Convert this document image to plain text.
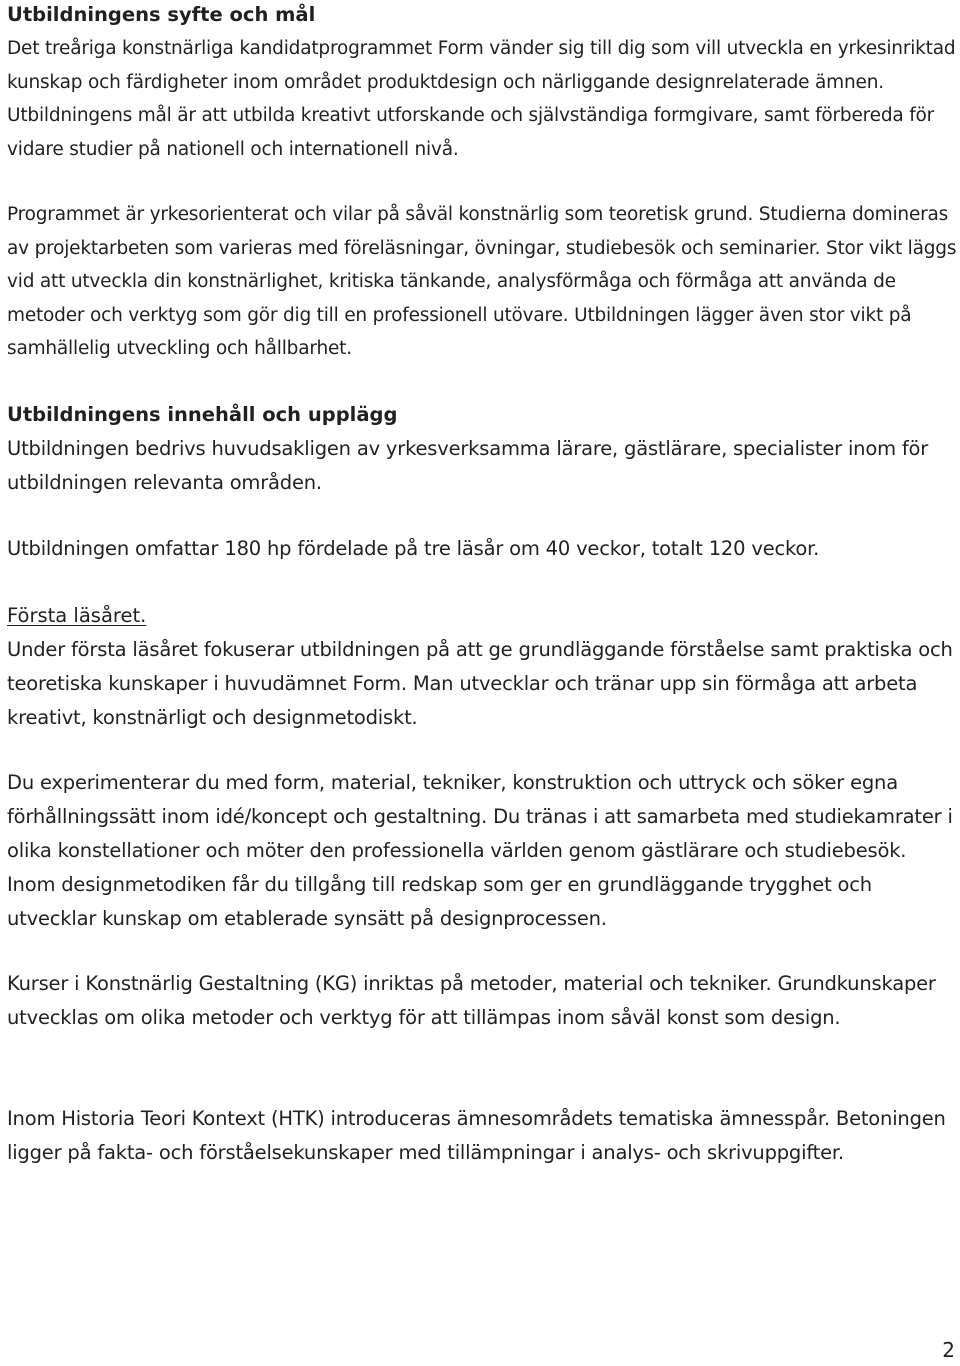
Utbildningens syfte och mål
Det treåriga konstnärliga kandidatprogrammet Form vänder sig till dig som vill utveckla en yrkesinriktad kunskap och färdigheter inom området produktdesign och närliggande designrelaterade ämnen. Utbildningens mål är att utbilda kreativt utforskande och självständiga formgivare, samt förbereda för vidare studier på nationell och internationell nivå.
Programmet är yrkesorienterat och vilar på såväl konstnärlig som teoretisk grund. Studierna domineras av projektarbeten som varieras med föreläsningar, övningar, studiebesök och seminarier. Stor vikt läggs vid att utveckla din konstnärlighet, kritiska tänkande, analysförmåga och förmåga att använda de metoder och verktyg som gör dig till en professionell utövare. Utbildningen lägger även stor vikt på samhällelig utveckling och hållbarhet.
Utbildningens innehåll och upplägg
Utbildningen bedrivs huvudsakligen av yrkesverksamma lärare, gästlärare, specialister inom för utbildningen relevanta områden.
Utbildningen omfattar 180 hp fördelade på tre läsår om 40 veckor, totalt 120 veckor.
Första läsåret.
Under första läsåret fokuserar utbildningen på att ge grundläggande förståelse samt praktiska och teoretiska kunskaper i huvudämnet Form. Man utvecklar och tränar upp sin förmåga att arbeta kreativt, konstnärligt och designmetodiskt.
Du experimenterar du med form, material, tekniker, konstruktion och uttryck och söker egna förhållningssätt inom idé/koncept och gestaltning. Du tränas i att samarbeta med studiekamrater i olika konstellationer och möter den professionella världen genom gästlärare och studiebesök. Inom designmetodiken får du tillgång till redskap som ger en grundläggande trygghet och utvecklar kunskap om etablerade synsätt på designprocessen.
Kurser i Konstnärlig Gestaltning (KG) inriktas på metoder, material och tekniker. Grundkunskaper utvecklas om olika metoder och verktyg för att tillämpas inom såväl konst som design.
Inom Historia Teori Kontext (HTK) introduceras ämnesområdets tematiska ämnesspår. Betoningen ligger på fakta- och förståelsekunskaper med tillämpningar i analys- och skrivuppgifter.
2
